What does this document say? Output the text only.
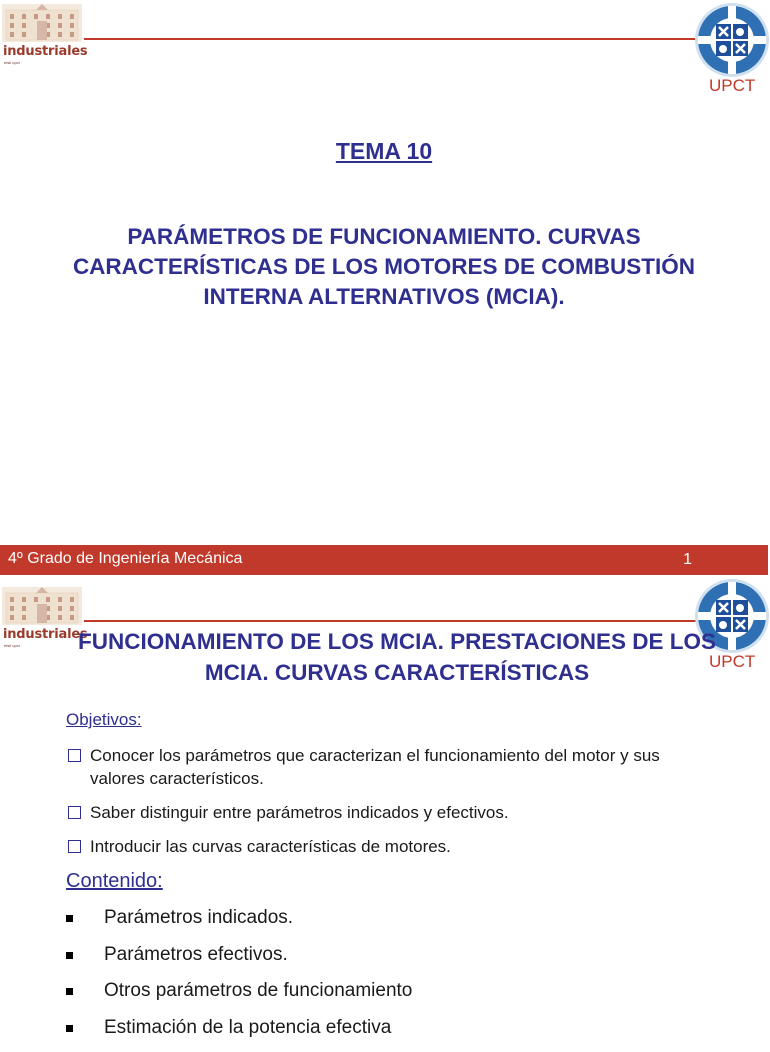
industriales
etsii upct
UPCT
TEMA 10
PARÁMETROS DE FUNCIONAMIENTO. CURVAS CARACTERÍSTICAS DE LOS MOTORES DE COMBUSTIÓN INTERNA ALTERNATIVOS (MCIA).
4º Grado de Ingeniería Mecánica	1
industriales
etsii upct
UPCT
FUNCIONAMIENTO DE LOS MCIA. PRESTACIONES DE LOS MCIA. CURVAS CARACTERÍSTICAS
Objetivos:
Conocer los parámetros que caracterizan el funcionamiento del motor y sus valores característicos.
Saber distinguir entre parámetros indicados y efectivos.
Introducir las curvas características de motores.
Contenido:
Parámetros indicados.
Parámetros efectivos.
Otros parámetros de funcionamiento
Estimación de la potencia efectiva
